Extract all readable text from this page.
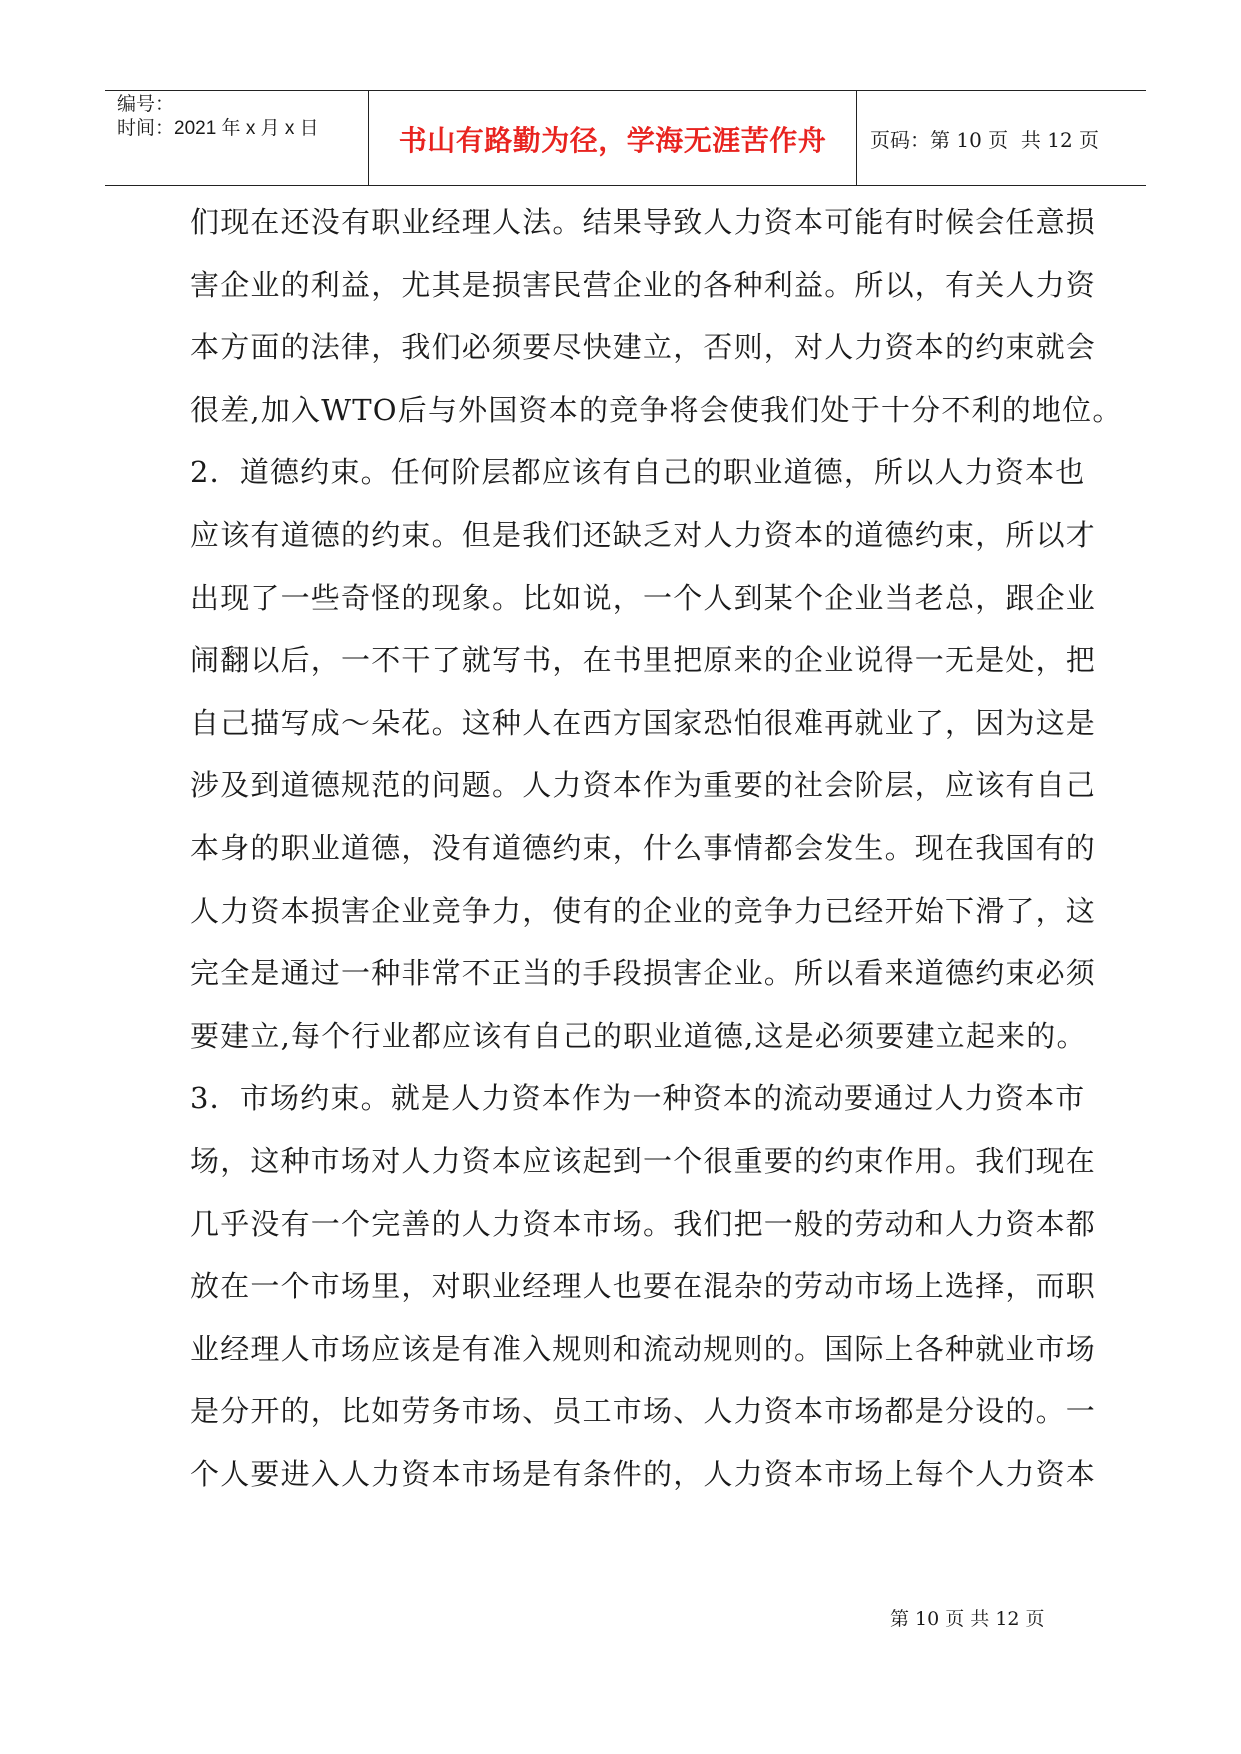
编号：
时间：2021 年 x 月 x 日	书山有路勤为径，学海无涯苦作舟 页码：第 10 页  共 12 页
们现在还没有职业经理人法。结果导致人力资本可能有时候会任意损
害企业的利益，尤其是损害民营企业的各种利益。所以，有关人力资
本方面的法律，我们必须要尽快建立，否则，对人力资本的约束就会
很差,加入WTO后与外国资本的竞争将会使我们处于十分不利的地位。
2．道德约束。任何阶层都应该有自己的职业道德，所以人力资本也
应该有道德的约束。但是我们还缺乏对人力资本的道德约束，所以才
出现了一些奇怪的现象。比如说，一个人到某个企业当老总，跟企业
闹翻以后，一不干了就写书，在书里把原来的企业说得一无是处，把
自己描写成～朵花。这种人在西方国家恐怕很难再就业了，因为这是
涉及到道德规范的问题。人力资本作为重要的社会阶层，应该有自己
本身的职业道德，没有道德约束，什么事情都会发生。现在我国有的
人力资本损害企业竞争力，使有的企业的竞争力已经开始下滑了，这
完全是通过一种非常不正当的手段损害企业。所以看来道德约束必须
要建立,每个行业都应该有自己的职业道德,这是必须要建立起来的。
3．市场约束。就是人力资本作为一种资本的流动要通过人力资本市
场，这种市场对人力资本应该起到一个很重要的约束作用。我们现在
几乎没有一个完善的人力资本市场。我们把一般的劳动和人力资本都
放在一个市场里，对职业经理人也要在混杂的劳动市场上选择，而职
业经理人市场应该是有准入规则和流动规则的。国际上各种就业市场
是分开的，比如劳务市场、员工市场、人力资本市场都是分设的。一
个人要进入人力资本市场是有条件的，人力资本市场上每个人力资本
第 10 页 共 12 页
